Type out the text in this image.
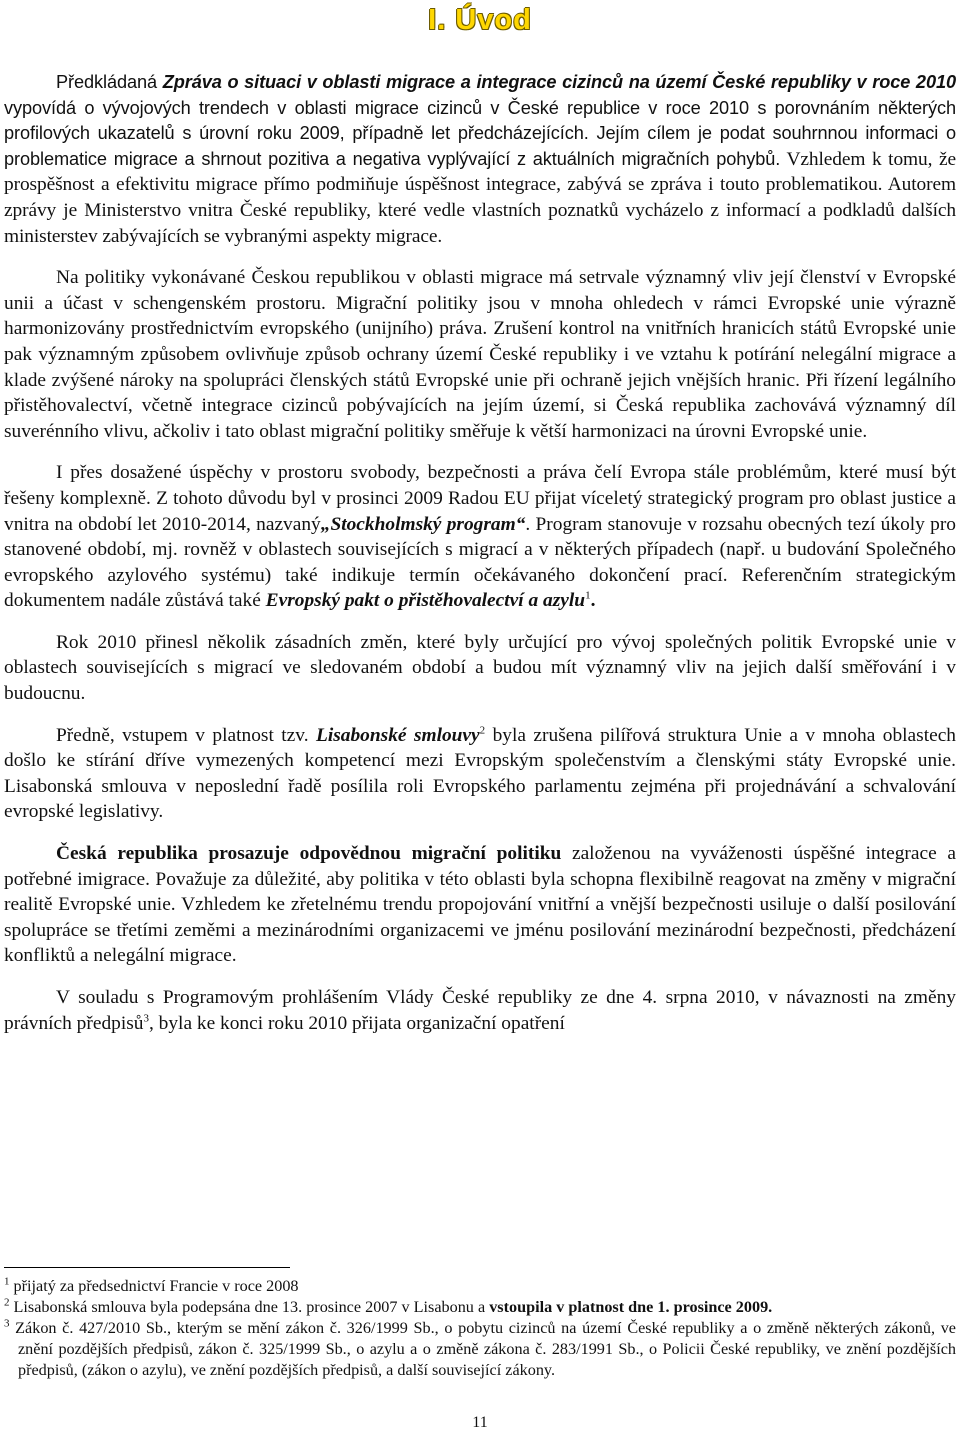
I. Úvod

Předkládaná Zpráva o situaci v oblasti migrace a integrace cizinců na území České republiky v roce 2010 vypovídá o vývojových trendech v oblasti migrace cizinců v České republice v roce 2010 s porovnáním některých profilových ukazatelů s úrovní roku 2009, případně let předcházejících. Jejím cílem je podat souhrnnou informaci o problematice migrace a shrnout pozitiva a negativa vyplývající z aktuálních migračních pohybů. Vzhledem k tomu, že prospěšnost a efektivitu migrace přímo podmiňuje úspěšnost integrace, zabývá se zpráva i touto problematikou. Autorem zprávy je Ministerstvo vnitra České republiky, které vedle vlastních poznatků vycházelo z informací a podkladů dalších ministerstev zabývajících se vybranými aspekty migrace.

Na politiky vykonávané Českou republikou v oblasti migrace má setrvale významný vliv její členství v Evropské unii a účast v schengenském prostoru. Migrační politiky jsou v mnoha ohledech v rámci Evropské unie výrazně harmonizovány prostřednictvím evropského (unijního) práva. Zrušení kontrol na vnitřních hranicích států Evropské unie pak významným způsobem ovlivňuje způsob ochrany území České republiky i ve vztahu k potírání nelegální migrace a klade zvýšené nároky na spolupráci členských států Evropské unie při ochraně jejich vnějších hranic. Při řízení legálního přistěhovalectví, včetně integrace cizinců pobývajících na jejím území, si Česká republika zachovává významný díl suverénního vlivu, ačkoliv i tato oblast migrační politiky směřuje k větší harmonizaci na úrovni Evropské unie.

I přes dosažené úspěchy v prostoru svobody, bezpečnosti a práva čelí Evropa stále problémům, které musí být řešeny komplexně. Z tohoto důvodu byl v prosinci 2009 Radou EU přijat víceletý strategický program pro oblast justice a vnitra na období let 2010-2014, nazvaný„Stockholmský program“. Program stanovuje v rozsahu obecných tezí úkoly pro stanovené období, mj. rovněž v oblastech souvisejících s migrací a v některých případech (např. u budování Společného evropského azylového systému) také indikuje termín očekávaného dokončení prací. Referenčním strategickým dokumentem nadále zůstává také Evropský pakt o přistěhovalectví a azylu$^1$.

Rok 2010 přinesl několik zásadních změn, které byly určující pro vývoj společných politik Evropské unie v oblastech souvisejících s migrací ve sledovaném období a budou mít významný vliv na jejich další směřování i v budoucnu.

Předně, vstupem v platnost tzv. Lisabonské smlouvy$^2$ byla zrušena pilířová struktura Unie a v mnoha oblastech došlo ke stírání dříve vymezených kompetencí mezi Evropským společenstvím a členskými státy Evropské unie. Lisabonská smlouva v neposlední řadě posílila roli Evropského parlamentu zejména při projednávání a schvalování evropské legislativy.

Česká republika prosazuje odpovědnou migrační politiku založenou na vyváženosti úspěšné integrace a potřebné imigrace. Považuje za důležité, aby politika v této oblasti byla schopna flexibilně reagovat na změny v migrační realitě Evropské unie. Vzhledem ke zřetelnému trendu propojování vnitřní a vnější bezpečnosti usiluje o další posilování spolupráce se třetími zeměmi a mezinárodními organizacemi ve jménu posilování mezinárodní bezpečnosti, předcházení konfliktů a nelegální migrace.

V souladu s Programovým prohlášením Vlády České republiky ze dne 4. srpna 2010, v návaznosti na změny právních předpisů$^3$, byla ke konci roku 2010 přijata organizační opatření

$^1$ přijatý za předsednictví Francie v roce 2008

$^2$ Lisabonská smlouva byla podepsána dne 13. prosince 2007 v Lisabonu a vstoupila v platnost dne 1. prosince 2009.

$^3$ Zákon č. 427/2010 Sb., kterým se mění zákon č. 326/1999 Sb., o pobytu cizinců na území České republiky a o změně některých zákonů, ve znění pozdějších předpisů, zákon č. 325/1999 Sb., o azylu a o změně zákona č. 283/1991 Sb., o Policii České republiky, ve znění pozdějších předpisů, (zákon o azylu), ve znění pozdějších předpisů, a další související zákony.

11
